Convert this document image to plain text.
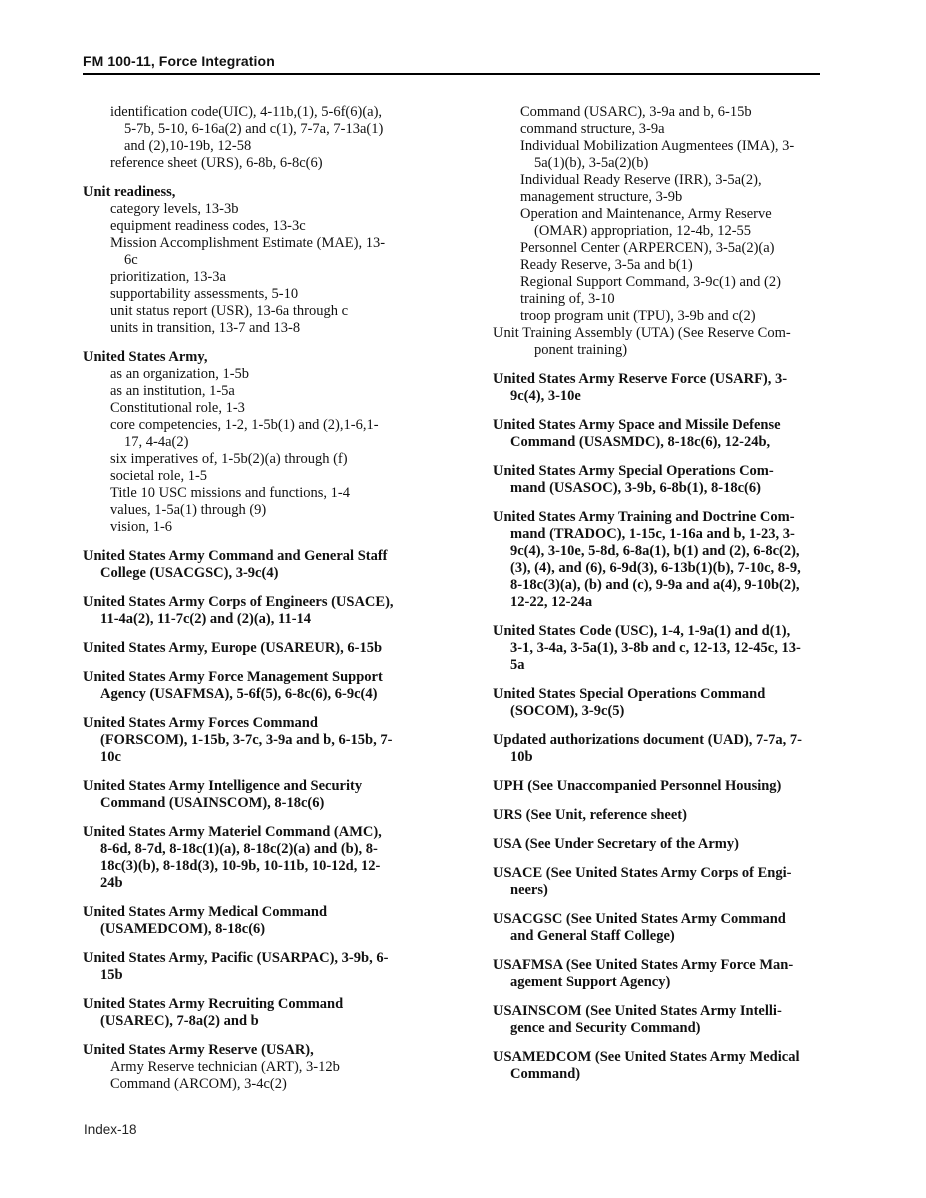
FM 100-11, Force Integration
identification code(UIC), 4-11b,(1), 5-6f(6)(a),
5-7b, 5-10, 6-16a(2) and c(1), 7-7a, 7-13a(1)
and (2),10-19b, 12-58
reference sheet (URS), 6-8b, 6-8c(6)
Unit readiness,
category levels, 13-3b
equipment readiness codes, 13-3c
Mission Accomplishment Estimate (MAE), 13-
6c
prioritization, 13-3a
supportability assessments, 5-10
unit status report (USR), 13-6a through c
units in transition, 13-7 and 13-8
United States Army,
as an organization, 1-5b
as an institution, 1-5a
Constitutional role, 1-3
core competencies, 1-2, 1-5b(1) and (2),1-6,1-
17, 4-4a(2)
six imperatives of, 1-5b(2)(a) through (f)
societal role, 1-5
Title 10 USC missions and functions, 1-4
values, 1-5a(1) through (9)
vision, 1-6
United States Army Command and General Staff
College (USACGSC), 3-9c(4)
United States Army Corps of Engineers (USACE),
11-4a(2), 11-7c(2) and (2)(a), 11-14
United States Army, Europe (USAREUR), 6-15b
United States Army Force Management Support
Agency (USAFMSA), 5-6f(5), 6-8c(6), 6-9c(4)
United States Army Forces Command
(FORSCOM), 1-15b, 3-7c, 3-9a and b, 6-15b, 7-
10c
United States Army Intelligence and Security
Command (USAINSCOM), 8-18c(6)
United States Army Materiel Command (AMC),
8-6d, 8-7d, 8-18c(1)(a), 8-18c(2)(a) and (b), 8-
18c(3)(b), 8-18d(3), 10-9b, 10-11b, 10-12d, 12-
24b
United States Army Medical Command
(USAMEDCOM), 8-18c(6)
United States Army, Pacific (USARPAC), 3-9b, 6-
15b
United States Army Recruiting Command
(USAREC), 7-8a(2) and b
United States Army Reserve (USAR),
Army Reserve technician (ART), 3-12b
Command (ARCOM), 3-4c(2)
Command (USARC), 3-9a and b, 6-15b
command structure, 3-9a
Individual Mobilization Augmentees (IMA), 3-
5a(1)(b), 3-5a(2)(b)
Individual Ready Reserve (IRR), 3-5a(2),
management structure, 3-9b
Operation and Maintenance, Army Reserve
(OMAR) appropriation, 12-4b, 12-55
Personnel Center (ARPERCEN), 3-5a(2)(a)
Ready Reserve, 3-5a and b(1)
Regional Support Command, 3-9c(1) and (2)
training of, 3-10
troop program unit (TPU), 3-9b and c(2)
Unit Training Assembly (UTA) (See Reserve Com-
ponent training)
United States Army Reserve Force (USARF), 3-
9c(4), 3-10e
United States Army Space and Missile Defense
Command (USASMDC), 8-18c(6), 12-24b,
United States Army Special Operations Com-
mand (USASOC), 3-9b, 6-8b(1), 8-18c(6)
United States Army Training and Doctrine Com-
mand (TRADOC), 1-15c, 1-16a and b, 1-23, 3-
9c(4), 3-10e, 5-8d, 6-8a(1), b(1) and (2), 6-8c(2),
(3), (4), and (6), 6-9d(3), 6-13b(1)(b), 7-10c, 8-9,
8-18c(3)(a), (b) and (c), 9-9a and a(4), 9-10b(2),
12-22, 12-24a
United States Code (USC), 1-4, 1-9a(1) and d(1),
3-1, 3-4a, 3-5a(1), 3-8b and c, 12-13, 12-45c, 13-
5a
United States Special Operations Command
(SOCOM), 3-9c(5)
Updated authorizations document (UAD), 7-7a, 7-
10b
UPH (See Unaccompanied Personnel Housing)
URS (See Unit, reference sheet)
USA (See Under Secretary of the Army)
USACE (See United States Army Corps of Engi-
neers)
USACGSC (See United States Army Command
and General Staff College)
USAFMSA (See United States Army Force Man-
agement Support Agency)
USAINSCOM (See United States Army Intelli-
gence and Security Command)
USAMEDCOM (See United States Army Medical
Command)
Index-18
